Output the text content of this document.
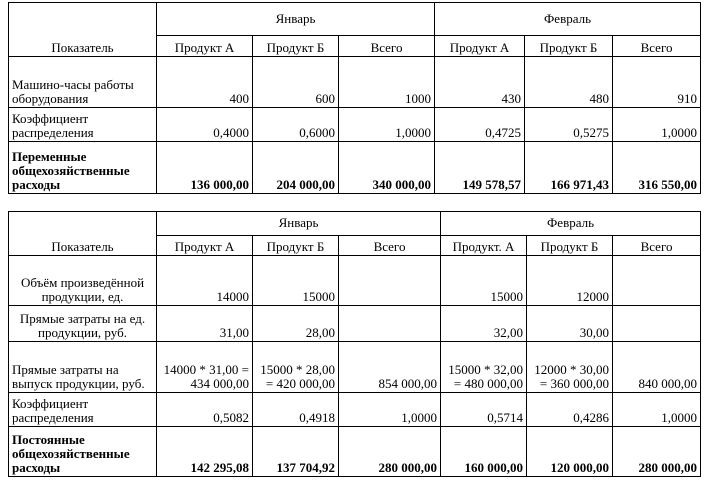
Показатель	Январь			Февраль		
	Продукт А	Продукт Б	Всего	Продукт А	Продукт Б	Всего
Машино-часы работы оборудования	400	600	1000	430	480	910
Коэффициент распределения	0,4000	0,6000	1,0000	0,4725	0,5275	1,0000
Переменные общехозяйственные расходы	136 000,00	204 000,00	340 000,00	149 578,57	166 971,43	316 550,00
Показатель	Январь			Февраль		
	Продукт А	Продукт Б	Всего	Продукт. А	Продукт Б	Всего
Объём произведённой продукции, ед.	14000	15000		15000	12000	
Прямые затраты на ед. продукции, руб.	31,00	28,00		32,00	30,00	
Прямые затраты на выпуск продукции, руб.	14000 * 31,00 = 434 000,00	15000 * 28,00 = 420 000,00	854 000,00	15000 * 32,00 = 480 000,00	12000 * 30,00 = 360 000,00	840 000,00
Коэффициент распределения	0,5082	0,4918	1,0000	0,5714	0,4286	1,0000
Постоянные общехозяйственные расходы	142 295,08	137 704,92	280 000,00	160 000,00	120 000,00	280 000,00
